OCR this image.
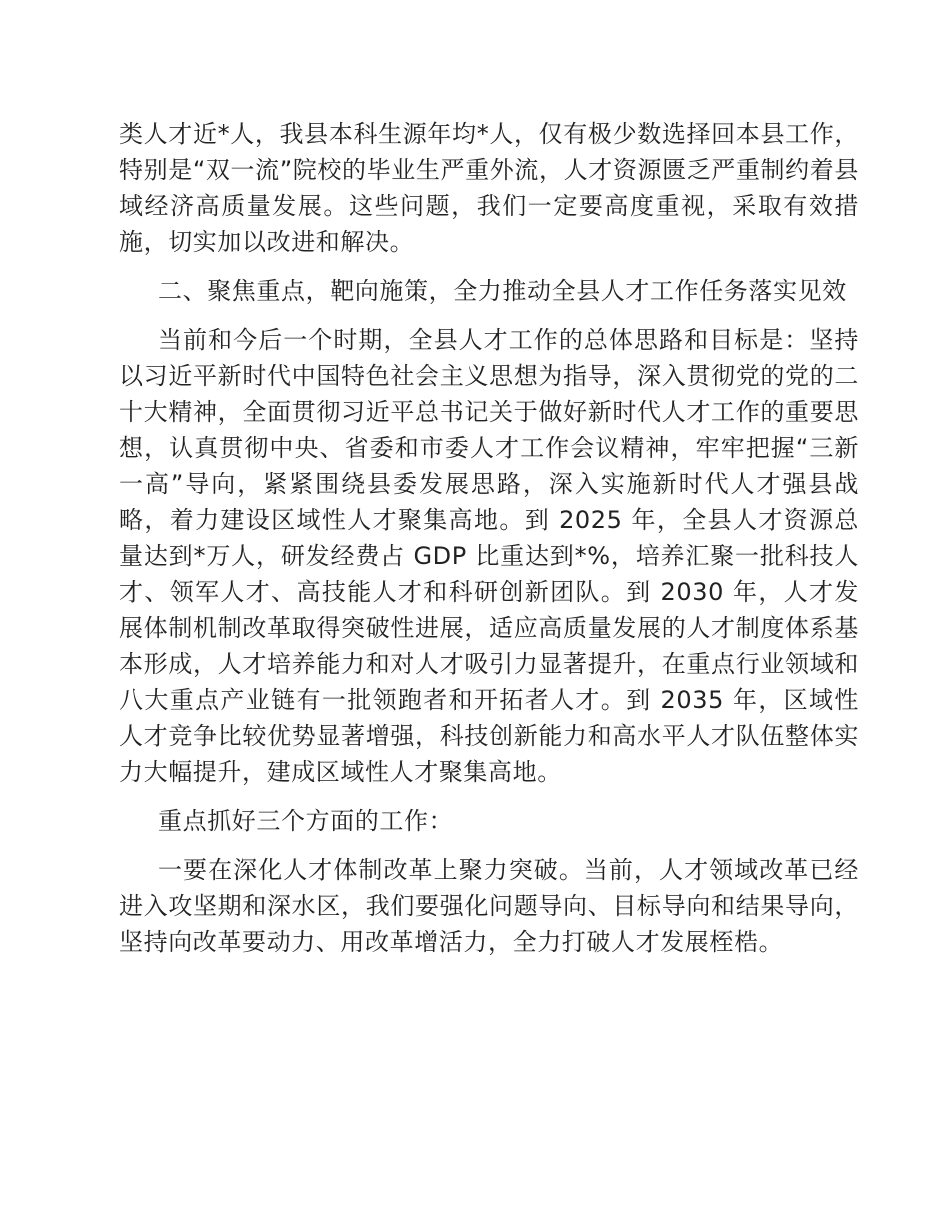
类人才近*人，我县本科生源年均*人，仅有极少数选择回本县工作，特别是“双一流”院校的毕业生严重外流，人才资源匮乏严重制约着县域经济高质量发展。这些问题，我们一定要高度重视，采取有效措施，切实加以改进和解决。

二、聚焦重点，靶向施策，全力推动全县人才工作任务落实见效

当前和今后一个时期，全县人才工作的总体思路和目标是：坚持以习近平新时代中国特色社会主义思想为指导，深入贯彻党的党的二十大精神，全面贯彻习近平总书记关于做好新时代人才工作的重要思想，认真贯彻中央、省委和市委人才工作会议精神，牢牢把握“三新一高”导向，紧紧围绕县委发展思路，深入实施新时代人才强县战略，着力建设区域性人才聚集高地。到 2025 年，全县人才资源总量达到*万人，研发经费占 GDP 比重达到*%，培养汇聚一批科技人才、领军人才、高技能人才和科研创新团队。到 2030 年，人才发展体制机制改革取得突破性进展，适应高质量发展的人才制度体系基本形成，人才培养能力和对人才吸引力显著提升，在重点行业领域和八大重点产业链有一批领跑者和开拓者人才。到 2035 年，区域性人才竞争比较优势显著增强，科技创新能力和高水平人才队伍整体实力大幅提升，建成区域性人才聚集高地。

重点抓好三个方面的工作：

一要在深化人才体制改革上聚力突破。当前，人才领域改革已经进入攻坚期和深水区，我们要强化问题导向、目标导向和结果导向，坚持向改革要动力、用改革增活力，全力打破人才发展桎梏。
